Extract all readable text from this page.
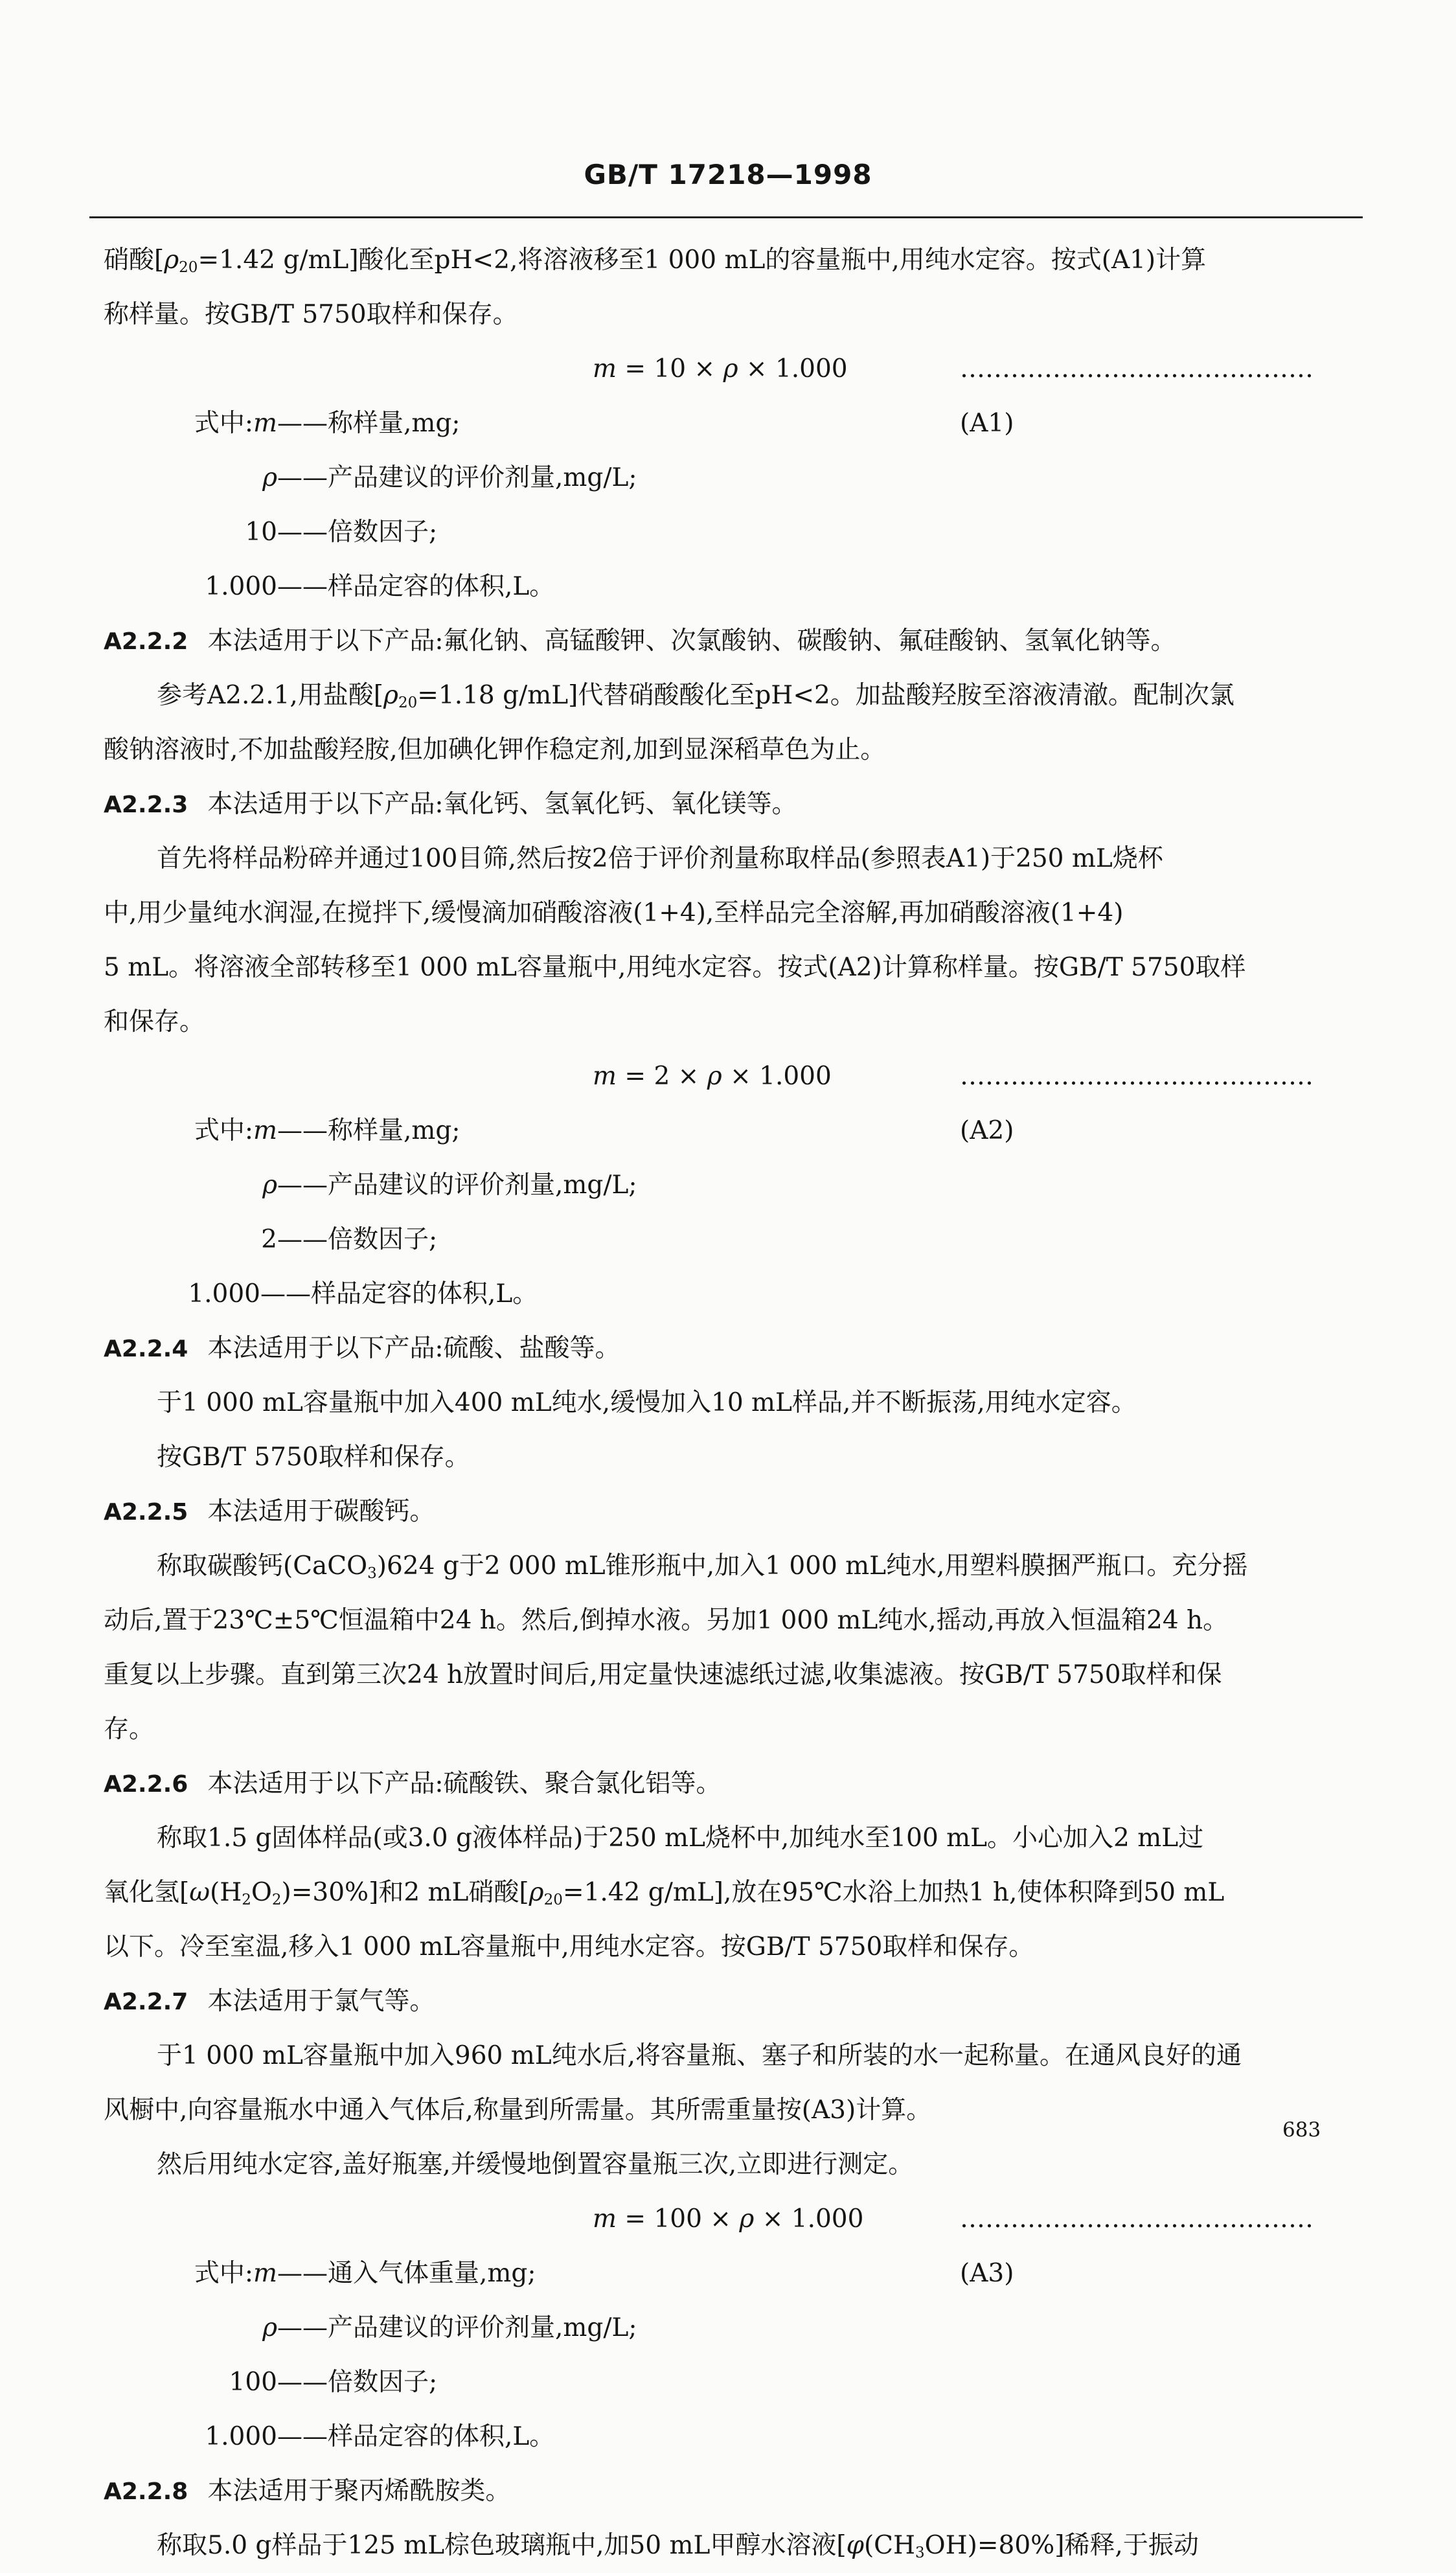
GB/T 17218—1998
硝酸[$\rho_{20}=1.42$ g/mL]酸化至pH<2,将溶液移至1 000 mL的容量瓶中,用纯水定容。按式(A1)计算
称样量。按GB/T 5750取样和保存。
m = 10 × ρ × 1.000	……………………………………(A1)
式中:m ——称样量,mg;
ρ ——产品建议的评价剂量,mg/L;
10 ——倍数因子;
1.000 ——样品定容的体积,L。
A2.2.2 本法适用于以下产品:氟化钠、高锰酸钾、次氯酸钠、碳酸钠、氟硅酸钠、氢氧化钠等。
参考A2.2.1,用盐酸[$\rho_{20}=1.18$ g/mL]代替硝酸酸化至pH<2。加盐酸羟胺至溶液清澈。配制次氯
酸钠溶液时,不加盐酸羟胺,但加碘化钾作稳定剂,加到显深稻草色为止。
A2.2.3 本法适用于以下产品:氧化钙、氢氧化钙、氧化镁等。
首先将样品粉碎并通过100目筛,然后按2倍于评价剂量称取样品(参照表A1)于250 mL烧杯
中,用少量纯水润湿,在搅拌下,缓慢滴加硝酸溶液(1+4),至样品完全溶解,再加硝酸溶液(1+4)
5 mL。将溶液全部转移至1 000 mL容量瓶中,用纯水定容。按式(A2)计算称样量。按GB/T 5750取样
和保存。
m = 2 × ρ × 1.000	……………………………………(A2)
式中:m ——称样量,mg;
ρ ——产品建议的评价剂量,mg/L;
2 ——倍数因子;
1.000 ——样品定容的体积,L。
A2.2.4 本法适用于以下产品:硫酸、盐酸等。
于1 000 mL容量瓶中加入400 mL纯水,缓慢加入10 mL样品,并不断振荡,用纯水定容。
按GB/T 5750取样和保存。
A2.2.5 本法适用于碳酸钙。
称取碳酸钙(CaCO$_3$)624 g于2 000 mL锥形瓶中,加入1 000 mL纯水,用塑料膜捆严瓶口。充分摇
动后,置于23℃±5℃恒温箱中24 h。然后,倒掉水液。另加1 000 mL纯水,摇动,再放入恒温箱24 h。
重复以上步骤。直到第三次24 h放置时间后,用定量快速滤纸过滤,收集滤液。按GB/T 5750取样和保
存。
A2.2.6 本法适用于以下产品:硫酸铁、聚合氯化铝等。
称取1.5 g固体样品(或3.0 g液体样品)于250 mL烧杯中,加纯水至100 mL。小心加入2 mL过
氧化氢$[\omega(H_2O_2)=30\%]$和2 mL硝酸[$\rho_{20}=1.42$ g/mL],放在95℃水浴上加热1 h,使体积降到50 mL
以下。冷至室温,移入1 000 mL容量瓶中,用纯水定容。按GB/T 5750取样和保存。
A2.2.7 本法适用于氯气等。
于1 000 mL容量瓶中加入960 mL纯水后,将容量瓶、塞子和所装的水一起称量。在通风良好的通
风橱中,向容量瓶水中通入气体后,称量到所需量。其所需重量按(A3)计算。
然后用纯水定容,盖好瓶塞,并缓慢地倒置容量瓶三次,立即进行测定。
m = 100 × ρ × 1.000	……………………………………(A3)
式中:m ——通入气体重量,mg;
ρ ——产品建议的评价剂量,mg/L;
100 ——倍数因子;
1.000 ——样品定容的体积,L。
A2.2.8 本法适用于聚丙烯酰胺类。
称取5.0 g样品于125 mL棕色玻璃瓶中,加50 mL甲醇水溶液$[\varphi(CH_3OH)=80\%]$稀释,于振动
683
